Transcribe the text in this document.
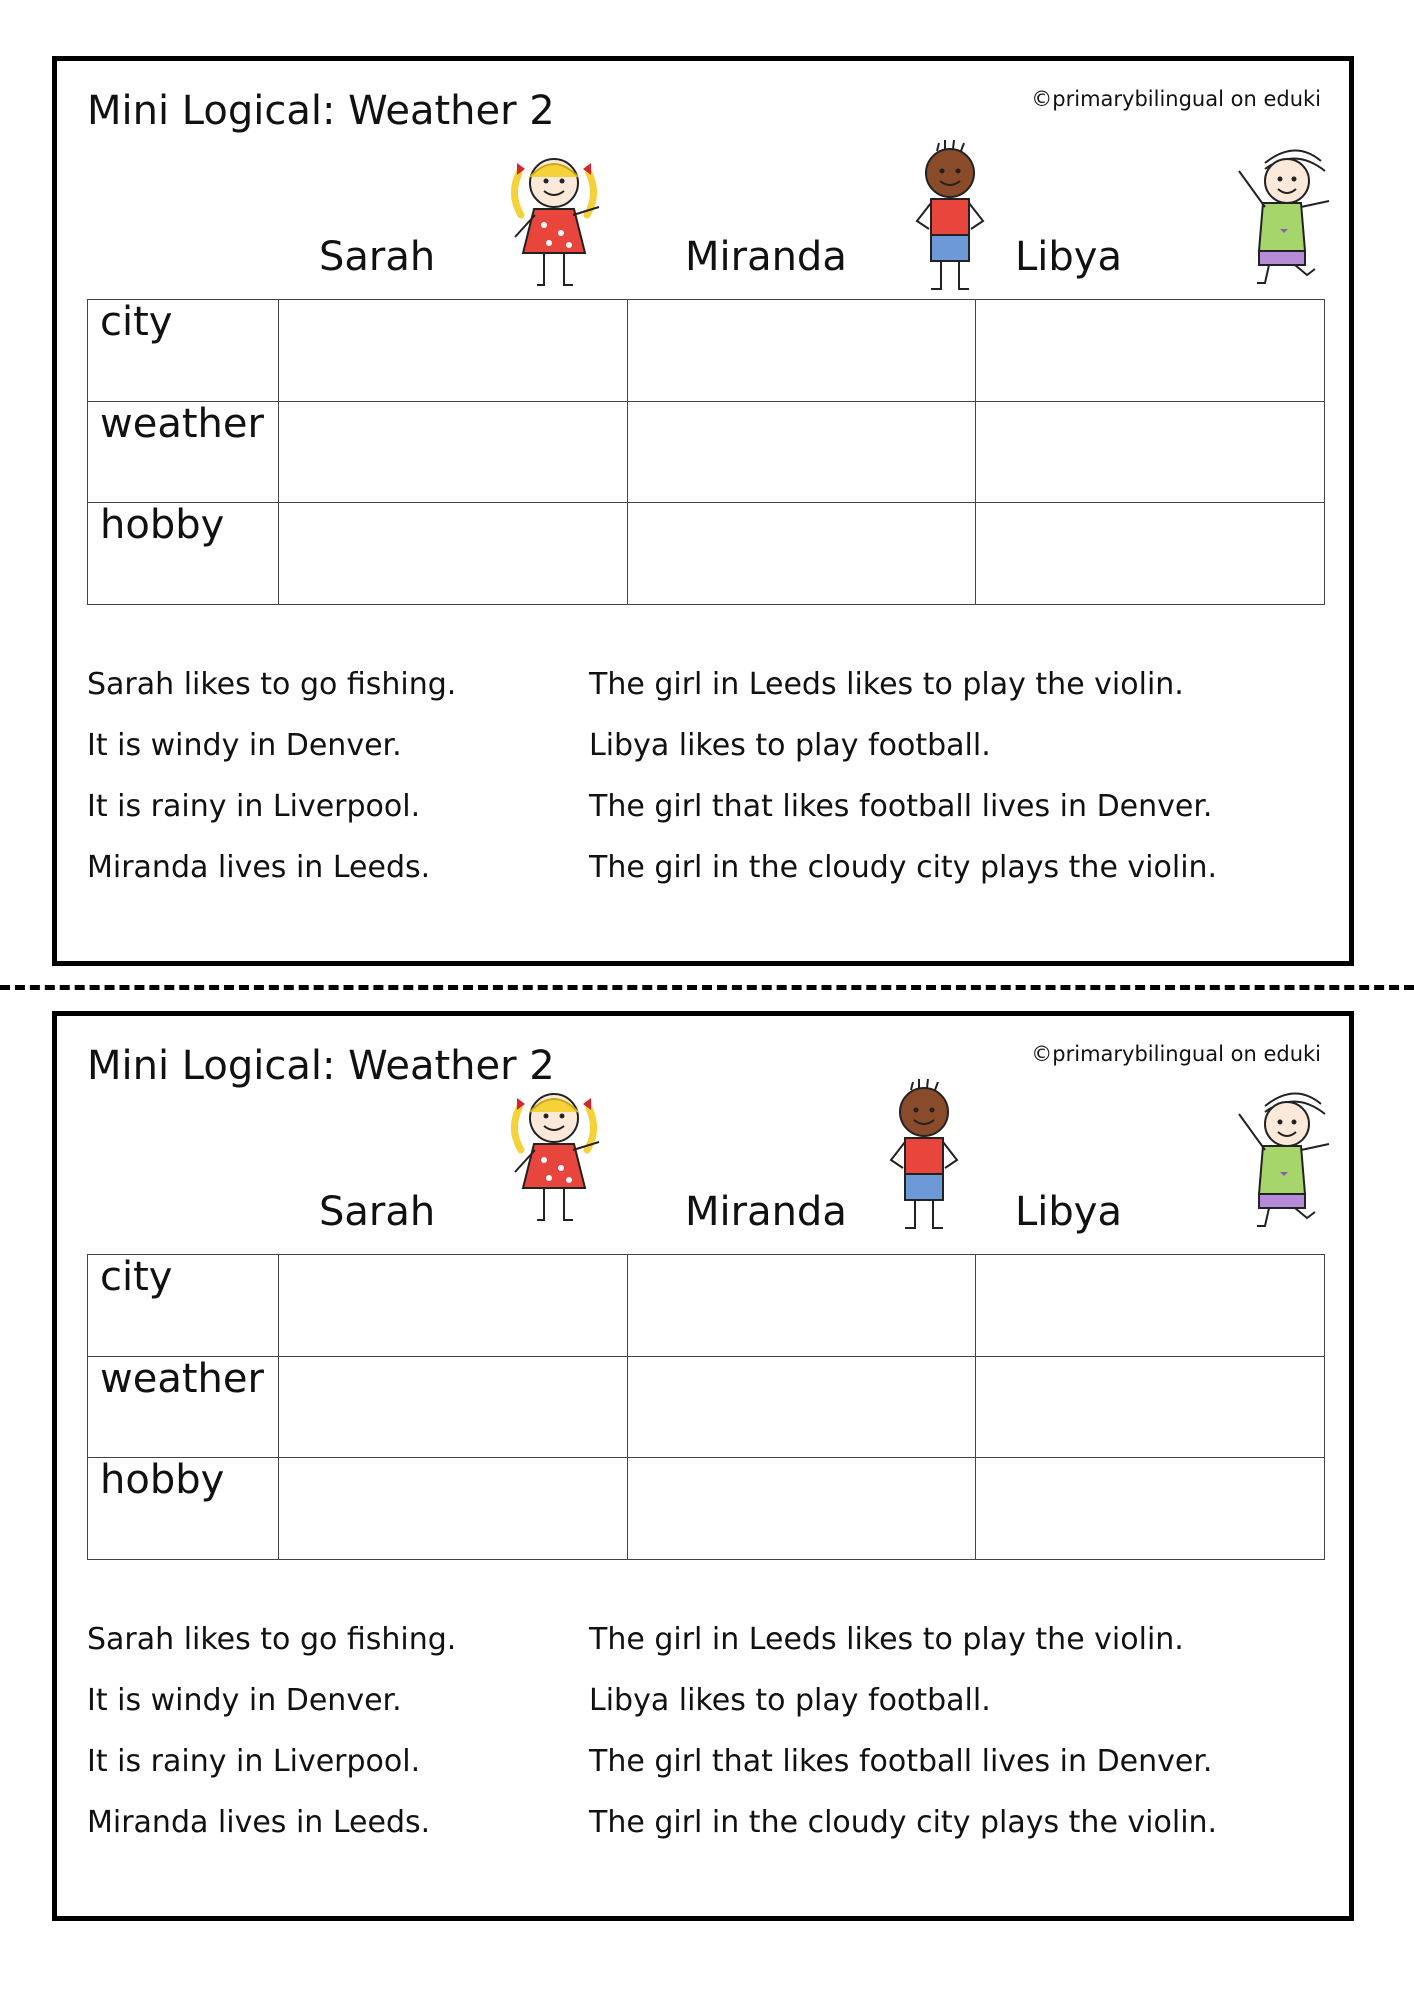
Mini Logical: Weather 2	©primarybilingual on eduki
Sarah	Miranda	Libya
city			
weather			
hobby			
Sarah likes to go fishing.
It is windy in Denver.
It is rainy in Liverpool.
Miranda lives in Leeds.
The girl in Leeds likes to play the violin.
Libya likes to play football.
The girl that likes football lives in Denver.
The girl in the cloudy city plays the violin.
Mini Logical: Weather 2	©primarybilingual on eduki
Sarah	Miranda	Libya
city			
weather			
hobby			
Sarah likes to go fishing.
It is windy in Denver.
It is rainy in Liverpool.
Miranda lives in Leeds.
The girl in Leeds likes to play the violin.
Libya likes to play football.
The girl that likes football lives in Denver.
The girl in the cloudy city plays the violin.
